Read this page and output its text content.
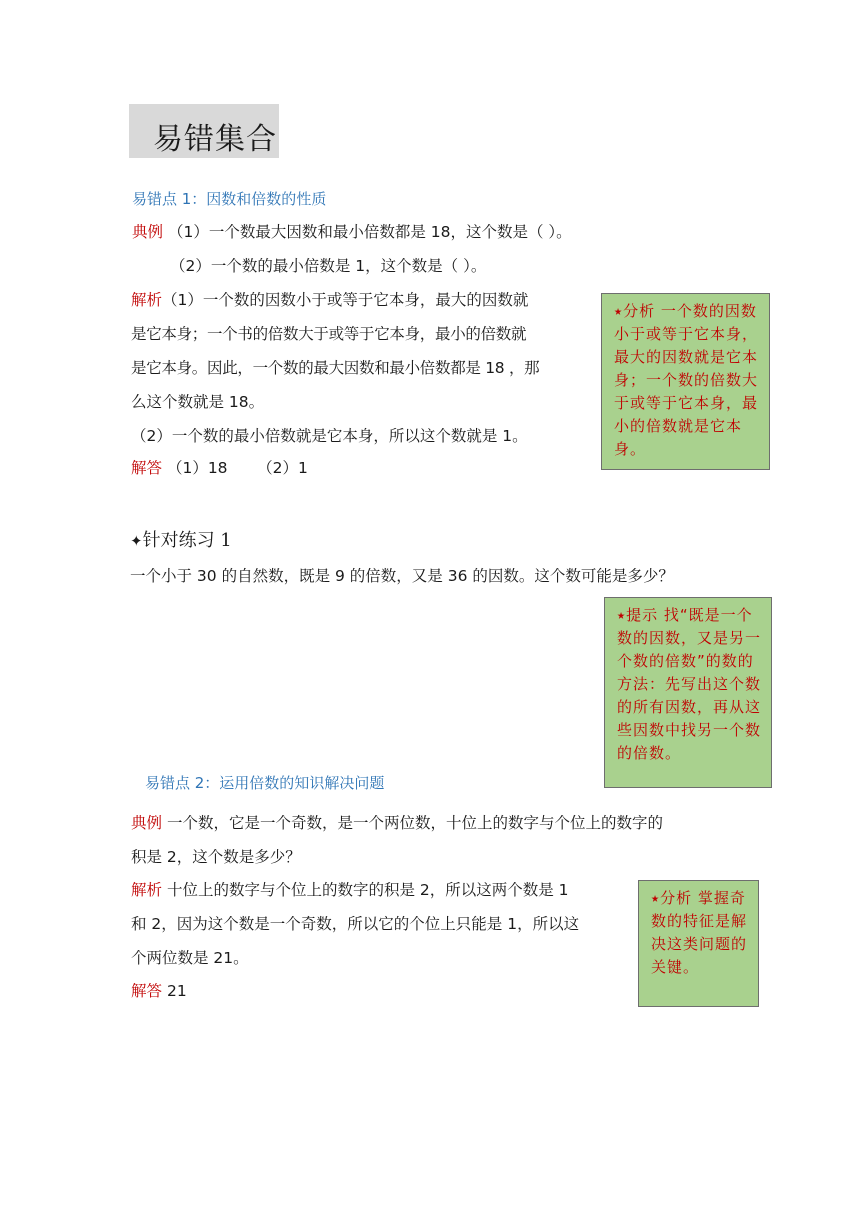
易错集合
易错点 1：因数和倍数的性质
典例 （1）一个数最大因数和最小倍数都是 18，这个数是（ ）。
（2）一个数的最小倍数是 1，这个数是（ ）。
解析（1）一个数的因数小于或等于它本身，最大的因数就
是它本身；一个书的倍数大于或等于它本身，最小的倍数就
是它本身。因此，一个数的最大因数和最小倍数都是 18 ，那
么这个数就是 18。
（2）一个数的最小倍数就是它本身，所以这个数就是 1。
解答 （1）18      （2）1
⭑分析 一个数的因数小于或等于它本身，最大的因数就是它本身；一个数的倍数大于或等于它本身，最小的倍数就是它本身。
✦针对练习 1
一个小于 30 的自然数，既是 9 的倍数，又是 36 的因数。这个数可能是多少？
⭑提示 找“既是一个数的因数，又是另一个数的倍数”的数的方法：先写出这个数的所有因数，再从这些因数中找另一个数的倍数。
易错点 2：运用倍数的知识解决问题
典例 一个数，它是一个奇数，是一个两位数，十位上的数字与个位上的数字的
积是 2，这个数是多少？
解析 十位上的数字与个位上的数字的积是 2，所以这两个数是 1
和 2，因为这个数是一个奇数，所以它的个位上只能是 1，所以这
个两位数是 21。
解答 21
⭑分析 掌握奇数的特征是解决这类问题的关键。
